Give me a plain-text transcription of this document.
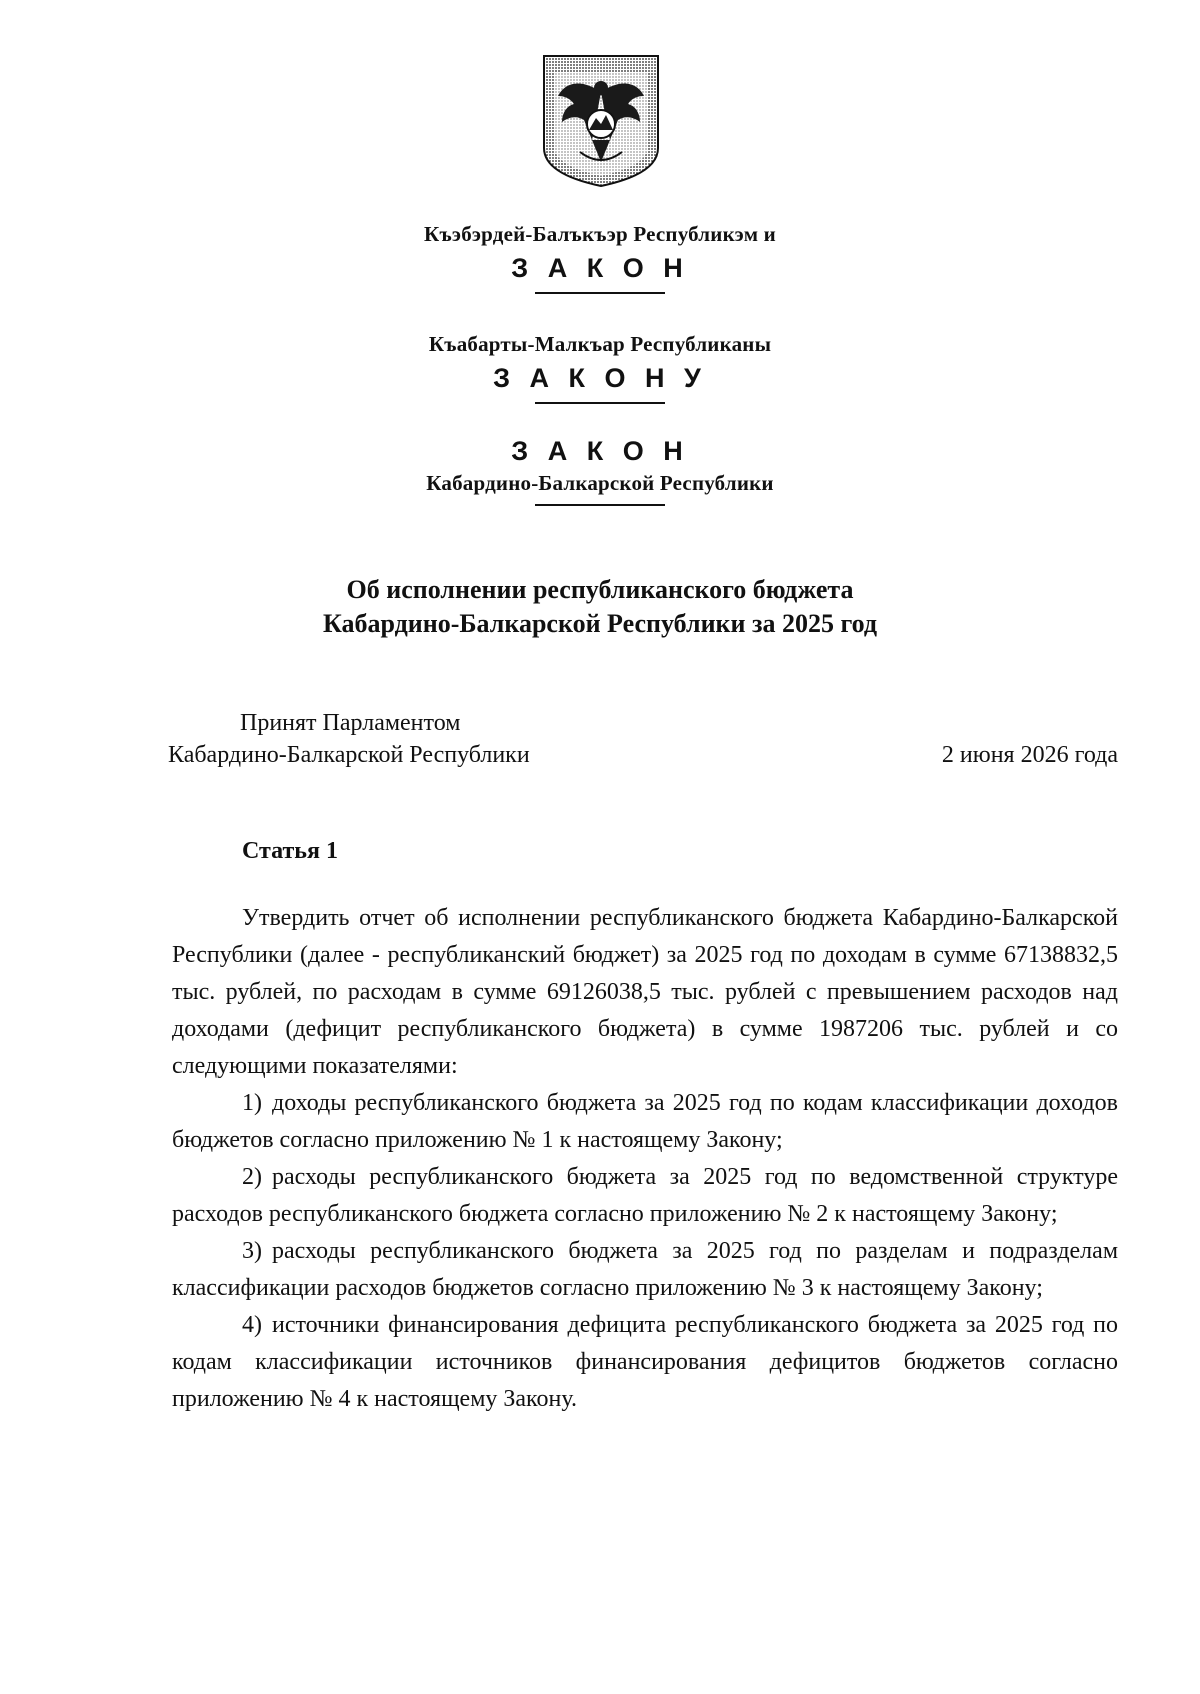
Къэбэрдей-Балъкъэр Республикэм и
З А К О Н
Къабарты-Малкъар Республиканы
З А К О Н У
З А К О Н
Кабардино-Балкарской Республики
Об исполнении республиканского бюджета
Кабардино-Балкарской Республики за 2025 год
Принят Парламентом
Кабардино-Балкарской Республики	2 июня 2026 года
Статья 1

Утвердить отчет об исполнении республиканского бюджета Кабардино-Балкарской Республики (далее - республиканский бюджет) за 2025 год по доходам в сумме 67138832,5 тыс. рублей, по расходам в сумме 69126038,5 тыс. рублей с превышением расходов над доходами (дефицит республиканского бюджета) в сумме 1987206 тыс. рублей и со следующими показателями:

1) доходы республиканского бюджета за 2025 год по кодам классификации доходов бюджетов согласно приложению № 1 к настоящему Закону;
2) расходы республиканского бюджета за 2025 год по ведомственной структуре расходов республиканского бюджета согласно приложению № 2 к настоящему Закону;
3) расходы республиканского бюджета за 2025 год по разделам и подразделам классификации расходов бюджетов согласно приложению № 3 к настоящему Закону;
4) источники финансирования дефицита республиканского бюджета за 2025 год по кодам классификации источников финансирования дефицитов бюджетов согласно приложению № 4 к настоящему Закону.
